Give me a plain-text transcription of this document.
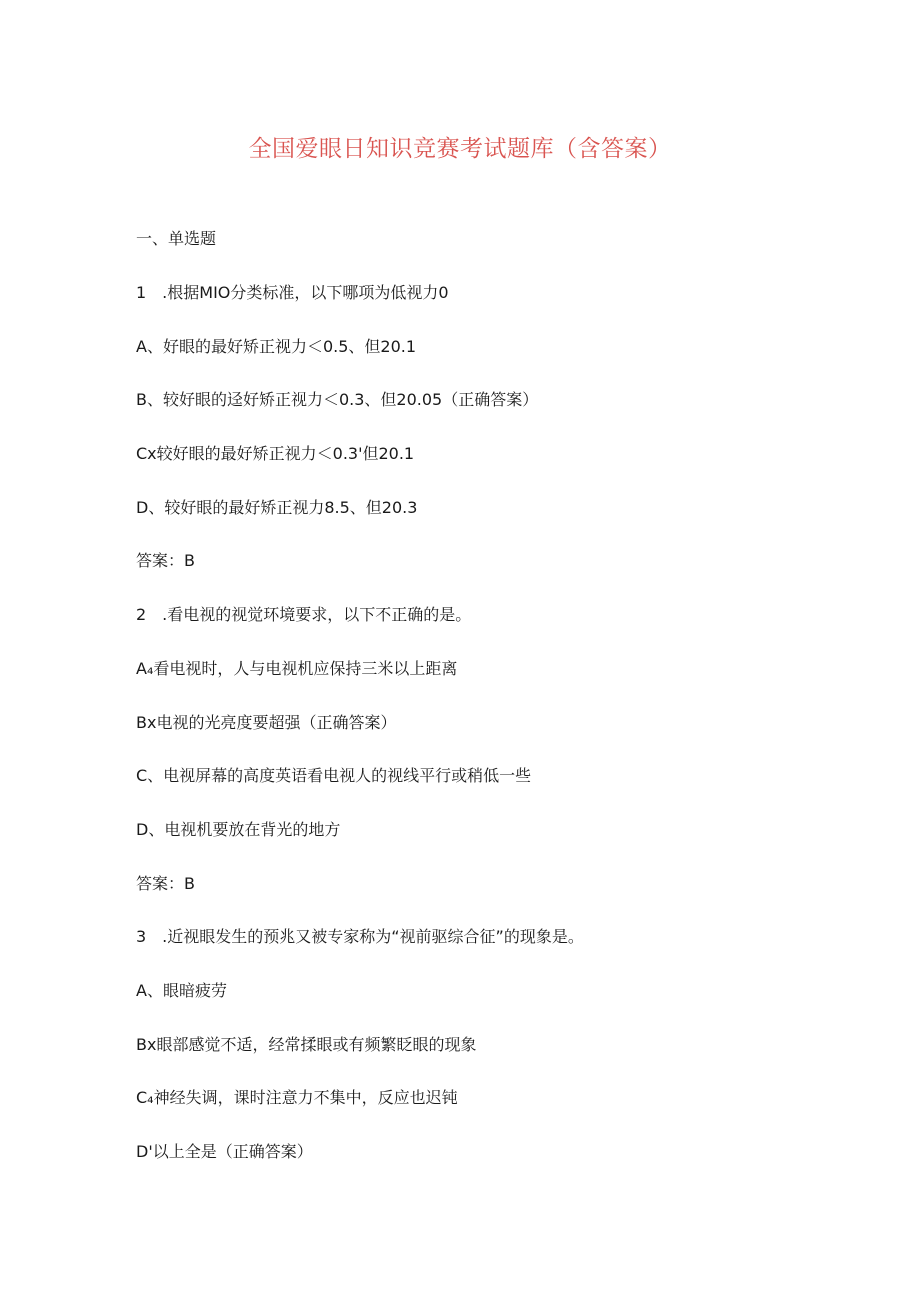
全国爱眼日知识竞赛考试题库（含答案）
一、单选题
1　.根据MIO分类标准，以下哪项为低视力0
A、好眼的最好矫正视力＜0.5、但20.1
B、较好眼的迳好矫正视力＜0.3、但20.05（正确答案）
Cx较好眼的最好矫正视力＜0.3'但20.1
D、较好眼的最好矫正视力8.5、但20.3
答案：B
2　.看电视的视觉环境要求，以下不正确的是。
A₄看电视时，人与电视机应保持三米以上距离
Bx电视的光亮度要超强（正确答案）
C、电视屏幕的高度英语看电视人的视线平行或稍低一些
D、电视机要放在背光的地方
答案：B
3　.近视眼发生的预兆又被专家称为“视前驱综合征”的现象是。
A、眼暗疲劳
Bx眼部感觉不适，经常揉眼或有频繁眨眼的现象
C₄神经失调，课时注意力不集中，反应也迟钝
D'以上全是（正确答案）
